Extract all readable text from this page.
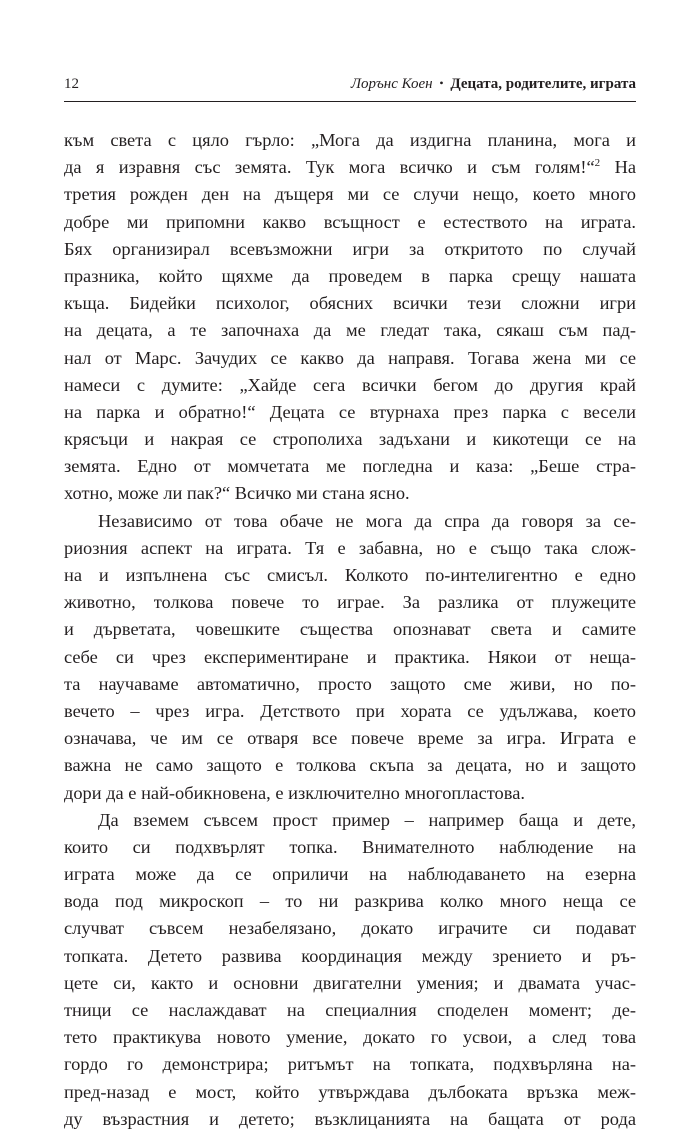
12	Лорънс Коен • Децата, родителите, играта

към света с цяло гърло: „Мога да издигна планина, мога и
да я изравня със земята. Тук мога всичко и съм голям!“$^2$ На
третия рожден ден на дъщеря ми се случи нещо, което много
добре ми припомни какво всъщност е естеството на играта.
Бях организирал всевъзможни игри за откритото по случай
празника, който щяхме да проведем в парка срещу нашата
къща. Бидейки психолог, обясних всички тези сложни игри
на децата, а те започнаха да ме гледат така, сякаш съм пад-
нал от Марс. Зачудих се какво да направя. Тогава жена ми се
намеси с думите: „Хайде сега всички бегом до другия край
на парка и обратно!“ Децата се втурнаха през парка с весели
крясъци и накрая се строполиха задъхани и кикотещи се на
земята. Едно от момчетата ме погледна и каза: „Беше стра-
хотно, може ли пак?“ Всичко ми стана ясно.

Независимо от това обаче не мога да спра да говоря за се-
риозния аспект на играта. Тя е забавна, но е също така слож-
на и изпълнена със смисъл. Колкото по-интелигентно е едно
животно, толкова повече то играе. За разлика от плужеците
и дърветата, човешките същества опознават света и самите
себе си чрез експериментиране и практика. Някои от неща-
та научаваме автоматично, просто защото сме живи, но по-
вечето – чрез игра. Детството при хората се удължава, което
означава, че им се отваря все повече време за игра. Играта е
важна не само защото е толкова скъпа за децата, но и защото
дори да е най-обикновена, е изключително многопластова.

Да вземем съвсем прост пример – например баща и дете,
които си подхвърлят топка. Внимателното наблюдение на
играта може да се оприличи на наблюдаването на езерна
вода под микроскоп – то ни разкрива колко много неща се
случват съвсем незабелязано, докато играчите си подават
топката. Детето развива координация между зрението и ръ-
цете си, както и основни двигателни умения; и двамата учас-
тници се наслаждават на специалния споделен момент; де-
тето практикува новото умение, докато го усвои, а след това
гордо го демонстрира; ритъмът на топката, подхвърляна на-
пред-назад е мост, който утвърждава дълбоката връзка меж-
ду възрастния и детето; възклицанията на бащата от рода
